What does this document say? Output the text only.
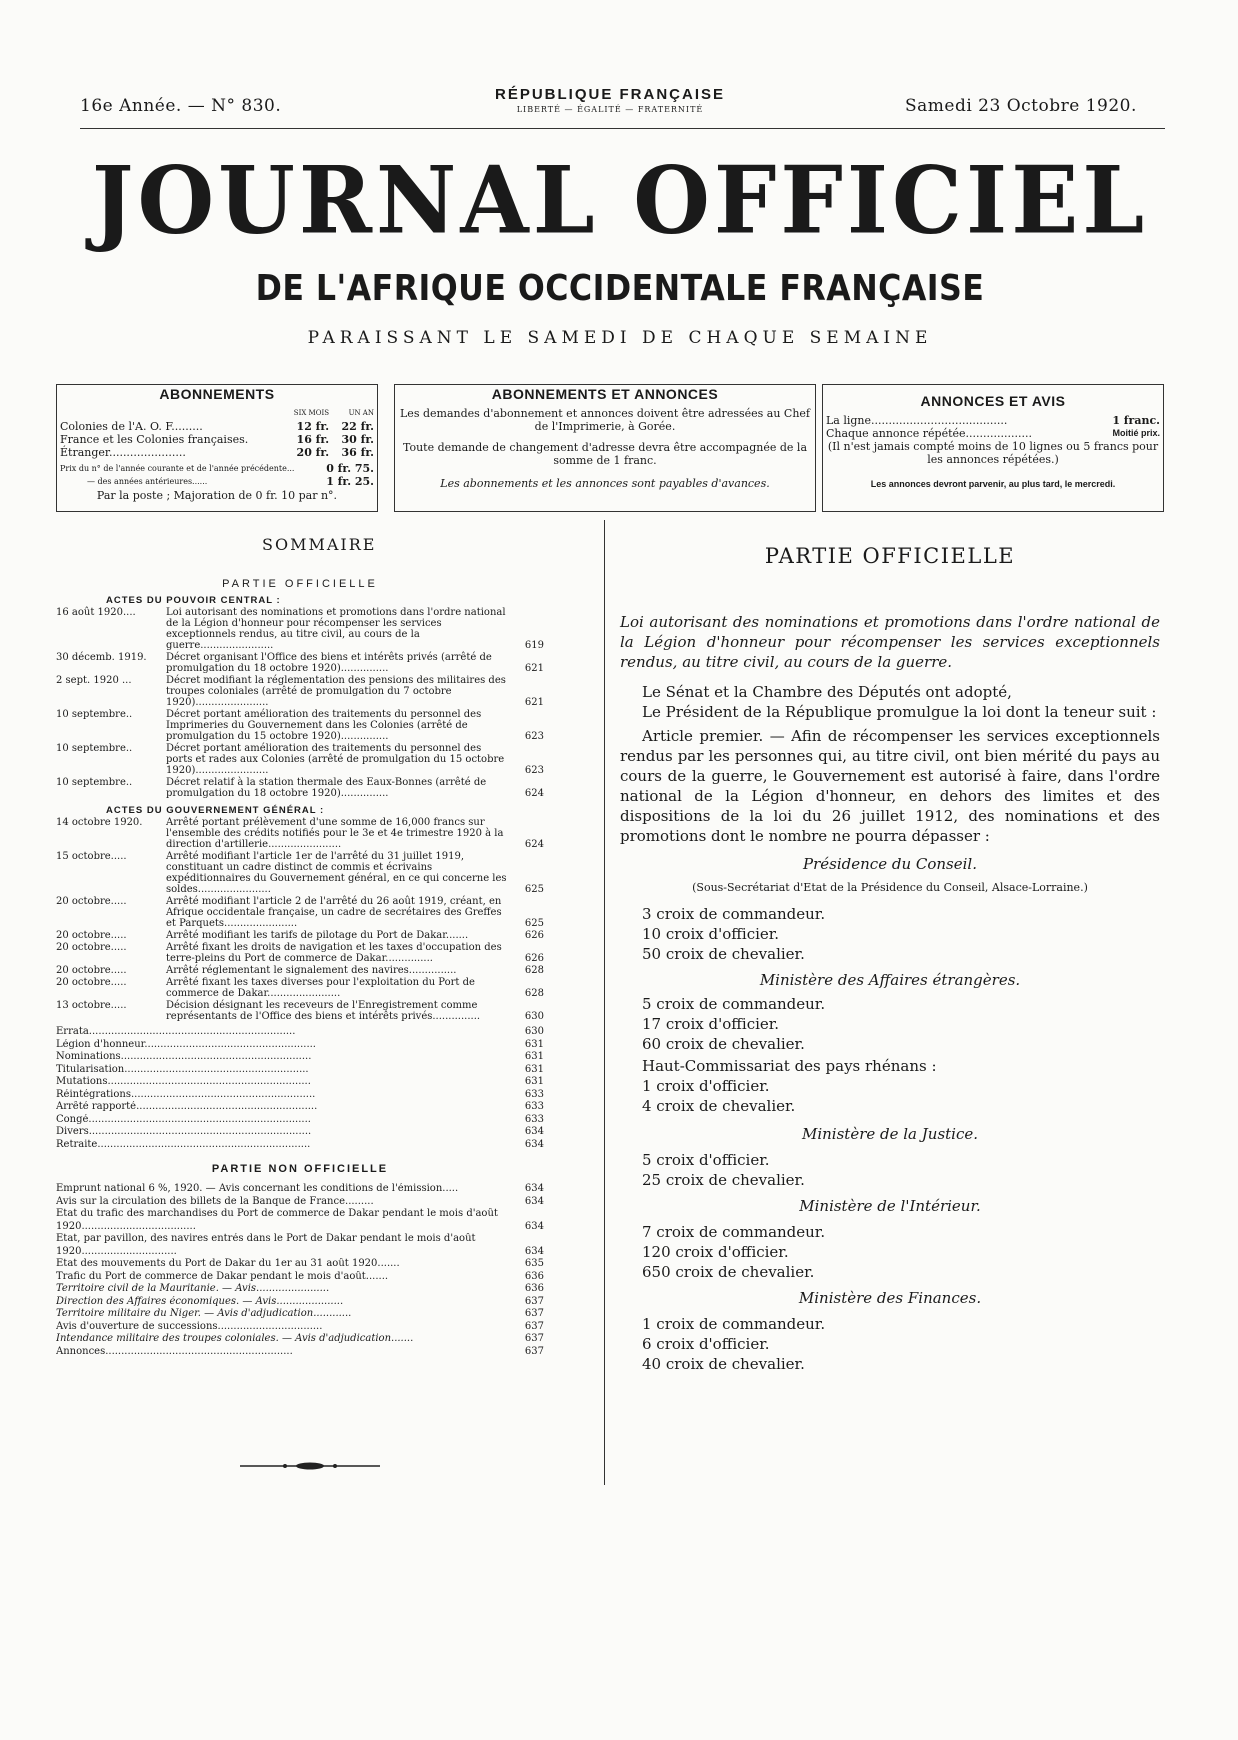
16e Année. — N° 830.
RÉPUBLIQUE FRANÇAISE
LIBERTÉ — ÉGALITÉ — FRATERNITÉ	Samedi 23 Octobre 1920.
JOURNAL OFFICIEL
DE L'AFRIQUE OCCIDENTALE FRANÇAISE
PARAISSANT LE SAMEDI DE CHAQUE SEMAINE
ABONNEMENTS
	SIX MOIS	UN AN
Colonies de l'A. O. F.........	12 fr.	22 fr.
France et les Colonies françaises.	16 fr.	30 fr.
Étranger......................	20 fr.	36 fr.
Prix du n° de l'année courante et de l'année précédente...	0 fr. 75.
— des années antérieures......	1 fr. 25.
Par la poste ; Majoration de 0 fr. 10 par n°.
ABONNEMENTS ET ANNONCES
Les demandes d'abonnement et annonces doivent être adressées au Chef de l'Imprimerie, à Gorée.
Toute demande de changement d'adresse devra être accompagnée de la somme de 1 franc.
Les abonnements et les annonces sont payables d'avances.
ANNONCES ET AVIS
La ligne.......................................	1 franc.
Chaque annonce répétée...................	Moitié prix.
(Il n'est jamais compté moins de 10 lignes ou 5 francs pour les annonces répétées.)
Les annonces devront parvenir, au plus tard, le mercredi.
SOMMAIRE
PARTIE OFFICIELLE
ACTES DU POUVOIR CENTRAL :
16 août 1920....	Loi autorisant des nominations et promotions dans l'ordre national de la Légion d'honneur pour récompenser les services exceptionnels rendus, au titre civil, au cours de la guerre.......................	619
30 décemb. 1919.	Décret organisant l'Office des biens et intérêts privés (arrêté de promulgation du 18 octobre 1920)...............	621
2 sept. 1920 ...	Décret modifiant la réglementation des pensions des militaires des troupes coloniales (arrêté de promulgation du 7 octobre 1920).......................	621
10 septembre..	Décret portant amélioration des traitements du personnel des Imprimeries du Gouvernement dans les Colonies (arrêté de promulgation du 15 octobre 1920)...............	623
10 septembre..	Décret portant amélioration des traitements du personnel des ports et rades aux Colonies (arrêté de promulgation du 15 octobre 1920).......................	623
10 septembre..	Décret relatif à la station thermale des Eaux-Bonnes (arrêté de promulgation du 18 octobre 1920)...............	624
ACTES DU GOUVERNEMENT GÉNÉRAL :
14 octobre 1920.	Arrêté portant prélèvement d'une somme de 16,000 francs sur l'ensemble des crédits notifiés pour le 3e et 4e trimestre 1920 à la direction d'artillerie.......................	624
15 octobre.....	Arrêté modifiant l'article 1er de l'arrêté du 31 juillet 1919, constituant un cadre distinct de commis et écrivains expéditionnaires du Gouvernement général, en ce qui concerne les soldes.......................	625
20 octobre.....	Arrêté modifiant l'article 2 de l'arrêté du 26 août 1919, créant, en Afrique occidentale française, un cadre de secrétaires des Greffes et Parquets.......................	625
20 octobre.....	Arrêté modifiant les tarifs de pilotage du Port de Dakar.......	626
20 octobre.....	Arrêté fixant les droits de navigation et les taxes d'occupation des terre-pleins du Port de commerce de Dakar...............	626
20 octobre.....	Arrêté réglementant le signalement des navires...............	628
20 octobre.....	Arrêté fixant les taxes diverses pour l'exploitation du Port de commerce de Dakar.......................	628
13 octobre.....	Décision désignant les receveurs de l'Enregistrement comme représentants de l'Office des biens et intérêts privés...............	630
Errata.................................................................	630
Légion d'honneur......................................................	631
Nominations............................................................	631
Titularisation..........................................................	631
Mutations................................................................	631
Réintégrations..........................................................	633
Arrêté rapporté.........................................................	633
Congé......................................................................	633
Divers......................................................................	634
Retraite...................................................................	634
PARTIE NON OFFICIELLE
Emprunt national 6 %, 1920. — Avis concernant les conditions de l'émission.....	634
Avis sur la circulation des billets de la Banque de France.........	634
Etat du trafic des marchandises du Port de commerce de Dakar pendant le mois d'août 1920....................................	634
Etat, par pavillon, des navires entrés dans le Port de Dakar pendant le mois d'août 1920..............................	634
Etat des mouvements du Port de Dakar du 1er au 31 août 1920.......	635
Trafic du Port de commerce de Dakar pendant le mois d'août.......	636
Territoire civil de la Mauritanie. — Avis.......................	636
Direction des Affaires économiques. — Avis.....................	637
Territoire militaire du Niger. — Avis d'adjudication............	637
Avis d'ouverture de successions.................................	637
Intendance militaire des troupes coloniales. — Avis d'adjudication.......	637
Annonces...........................................................	637
PARTIE OFFICIELLE
Loi autorisant des nominations et promotions dans l'ordre national de la Légion d'honneur pour récompenser les services exceptionnels rendus, au titre civil, au cours de la guerre.
Le Sénat et la Chambre des Députés ont adopté,
Le Président de la République promulgue la loi dont la teneur suit :
Article premier. — Afin de récompenser les services exceptionnels rendus par les personnes qui, au titre civil, ont bien mérité du pays au cours de la guerre, le Gouvernement est autorisé à faire, dans l'ordre national de la Légion d'honneur, en dehors des limites et des dispositions de la loi du 26 juillet 1912, des nominations et des promotions dont le nombre ne pourra dépasser :
Présidence du Conseil.
(Sous-Secrétariat d'Etat de la Présidence du Conseil, Alsace-Lorraine.)
3 croix de commandeur.
10 croix d'officier.
50 croix de chevalier.
Ministère des Affaires étrangères.
5 croix de commandeur.
17 croix d'officier.
60 croix de chevalier.
Haut-Commissariat des pays rhénans :
1 croix d'officier.
4 croix de chevalier.
Ministère de la Justice.
5 croix d'officier.
25 croix de chevalier.
Ministère de l'Intérieur.
7 croix de commandeur.
120 croix d'officier.
650 croix de chevalier.
Ministère des Finances.
1 croix de commandeur.
6 croix d'officier.
40 croix de chevalier.
